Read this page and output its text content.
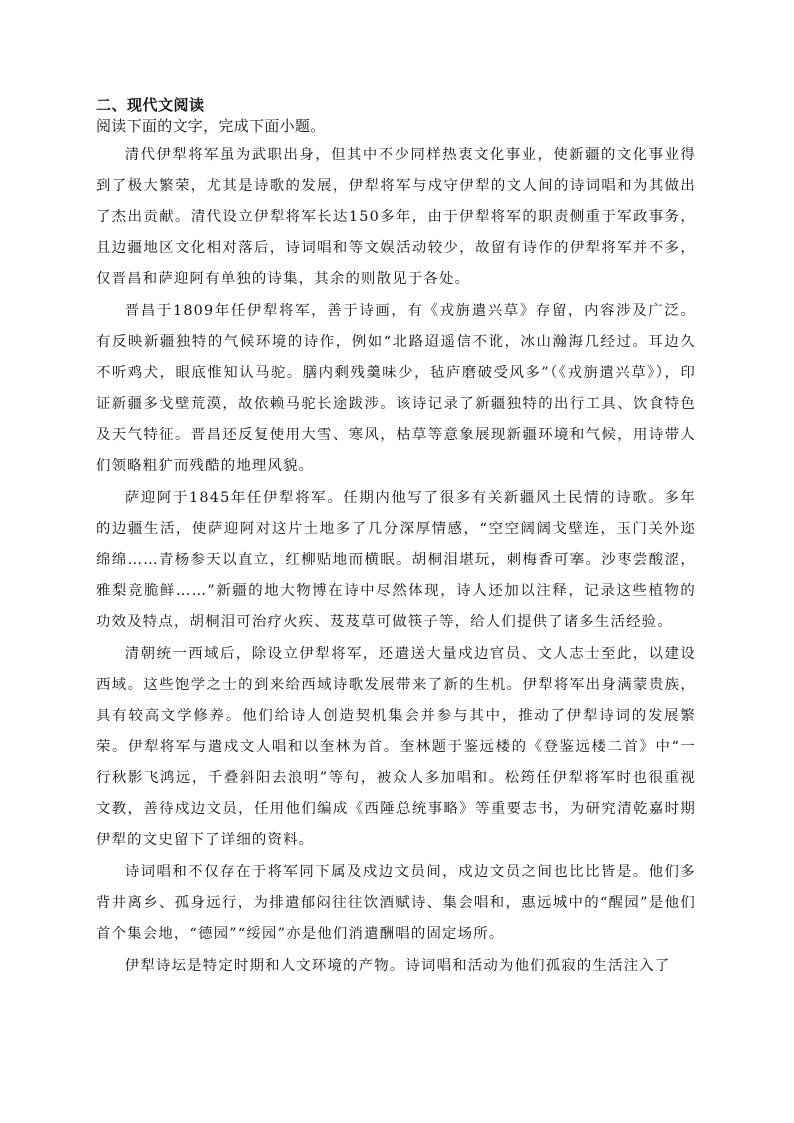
二、现代文阅读

阅读下面的文字，完成下面小题。

清代伊犁将军虽为武职出身，但其中不少同样热衷文化事业，使新疆的文化事业得到了极大繁荣，尤其是诗歌的发展，伊犁将军与戍守伊犁的文人间的诗词唱和为其做出了杰出贡献。清代设立伊犁将军长达150多年，由于伊犁将军的职责侧重于军政事务，且边疆地区文化相对落后，诗词唱和等文娱活动较少，故留有诗作的伊犁将军并不多，仅晋昌和萨迎阿有单独的诗集，其余的则散见于各处。

晋昌于1809年任伊犁将军，善于诗画，有《戎旃遣兴草》存留，内容涉及广泛。有反映新疆独特的气候环境的诗作，例如“北路迢遥信不讹，冰山瀚海几经过。耳边久不听鸡犬，眼底惟知认马驼。膳内剩残羹味少，毡庐磨破受风多”（《戎旃遣兴草》），印证新疆多戈壁荒漠，故依赖马驼长途跋涉。该诗记录了新疆独特的出行工具、饮食特色及天气特征。晋昌还反复使用大雪、寒风，枯草等意象展现新疆环境和气候，用诗带人们领略粗犷而残酷的地理风貌。

萨迎阿于1845年任伊犁将军。任期内他写了很多有关新疆风土民情的诗歌。多年的边疆生活，使萨迎阿对这片土地多了几分深厚情感，“空空阔阔戈壁连，玉门关外迩绵绵……青杨参天以直立，红柳贴地而横眠。胡桐泪堪玩，刺梅香可搴。沙枣尝酸涩，雅梨竞脆鲜……”新疆的地大物博在诗中尽然体现，诗人还加以注释，记录这些植物的功效及特点，胡桐泪可治疗火疾、芨芨草可做筷子等，给人们提供了诸多生活经验。

清朝统一西域后，除设立伊犁将军，还遣送大量戍边官员、文人志士至此，以建设西域。这些饱学之士的到来给西域诗歌发展带来了新的生机。伊犁将军出身满蒙贵族，具有较高文学修养。他们给诗人创造契机集会并参与其中，推动了伊犁诗词的发展繁荣。伊犁将军与遣戍文人唱和以奎林为首。奎林题于鉴远楼的《登鉴远楼二首》中“一行秋影飞鸿远，千叠斜阳去浪明”等句，被众人多加唱和。松筠任伊犁将军时也很重视文教，善待戍边文员，任用他们编成《西陲总统事略》等重要志书，为研究清乾嘉时期伊犁的文史留下了详细的资料。

诗词唱和不仅存在于将军同下属及戍边文员间，戍边文员之间也比比皆是。他们多背井离乡、孤身远行，为排遣郁闷往往饮酒赋诗、集会唱和，惠远城中的“醒园”是他们首个集会地，“德园”“绥园”亦是他们消遣酬唱的固定场所。

伊犁诗坛是特定时期和人文环境的产物。诗词唱和活动为他们孤寂的生活注入了
